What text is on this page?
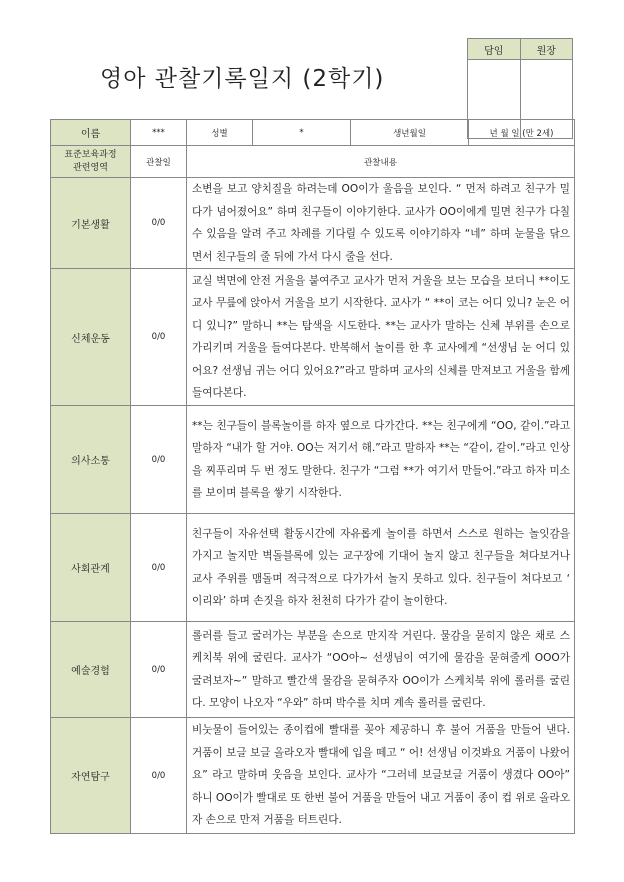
영아 관찰기록일지 (2학기)
담임	원장

이름	***	성별	*	생년월일	년 월 일 (만 2세)

표준보육과정
관련영역	관찰일	관찰내용			
기본생활	0/0	소변을 보고 양치질을 하려는데 OO이가 울음을 보인다. “ 먼저 하려고 친구가 밀다가 넘어졌어요” 하며 친구들이 이야기한다. 교사가 OO이에게 밀면 친구가 다칠 수 있음을 알려 주고 차례를 기다릴 수 있도록 이야기하자 “네” 하며 눈물을 닦으면서 친구들의 줄 뒤에 가서 다시 줄을 선다.			
신체운동	0/0	교실 벽면에 안전 거울을 붙여주고 교사가 먼저 거울을 보는 모습을 보더니 **이도 교사 무릎에 앉아서 거울을 보기 시작한다. 교사가 “ **이 코는 어디 있니? 눈은 어디 있니?” 말하니 **는 탐색을 시도한다. **는 교사가 말하는 신체 부위를 손으로 가리키며 거울을 들여다본다. 반복해서 놀이를 한 후 교사에게 “선생님 눈 어디 있어요? 선생님 귀는 어디 있어요?”라고 말하며 교사의 신체를 만져보고 거울을 함께 들여다본다.			
의사소통	0/0	**는 친구들이 블록놀이를 하자 옆으로 다가간다. **는 친구에게 “OO, 같이.”라고 말하자 “내가 할 거야. OO는 저기서 해.”라고 말하자 **는 “같이, 같이.”라고 인상을 찌푸리며 두 번 정도 말한다. 친구가 “그럼 **가 여기서 만들어.”라고 하자 미소를 보이며 블록을 쌓기 시작한다.			
사회관계	0/0	친구들이 자유선택 활동시간에 자유롭게 놀이를 하면서 스스로 원하는 놀잇감을 가지고 놀지만 벽돌블록에 있는 교구장에 기대어 놀지 않고 친구들을 쳐다보거나 교사 주위를 맴돌며 적극적으로 다가가서 놀지 못하고 있다. 친구들이 쳐다보고 ‘ 이리와’ 하며 손짓을 하자 천천히 다가가 같이 놀이한다.			
예술경험	0/0	롤러를 들고 굴러가는 부분을 손으로 만지작 거린다. 물감을 묻히지 않은 채로 스케치북 위에 굴린다. 교사가 “OO아~ 선생님이 여기에 물감을 묻혀줄게 OOO가 굴려보자~” 말하고 빨간색 물감을 묻혀주자 OO이가 스케치북 위에 롤러를 굴린다. 모양이 나오자 “우와” 하며 박수를 치며 계속 롤러를 굴린다.			
자연탐구	0/0	비눗물이 들어있는 종이컵에 빨대를 꽂아 제공하니 후 불어 거품을 만들어 낸다. 거품이 보글 보글 올라오자 빨대에 입을 떼고 “ 어! 선생님 이것봐요 거품이 나왔어요” 라고 말하며 웃음을 보인다. 교사가 “그러네 보글보글 거품이 생겼다 OO아” 하니 OO이가 빨대로 또 한번 불어 거품을 만들어 내고 거품이 종이 컵 위로 올라오자 손으로 만져 거품을 터트린다.			
